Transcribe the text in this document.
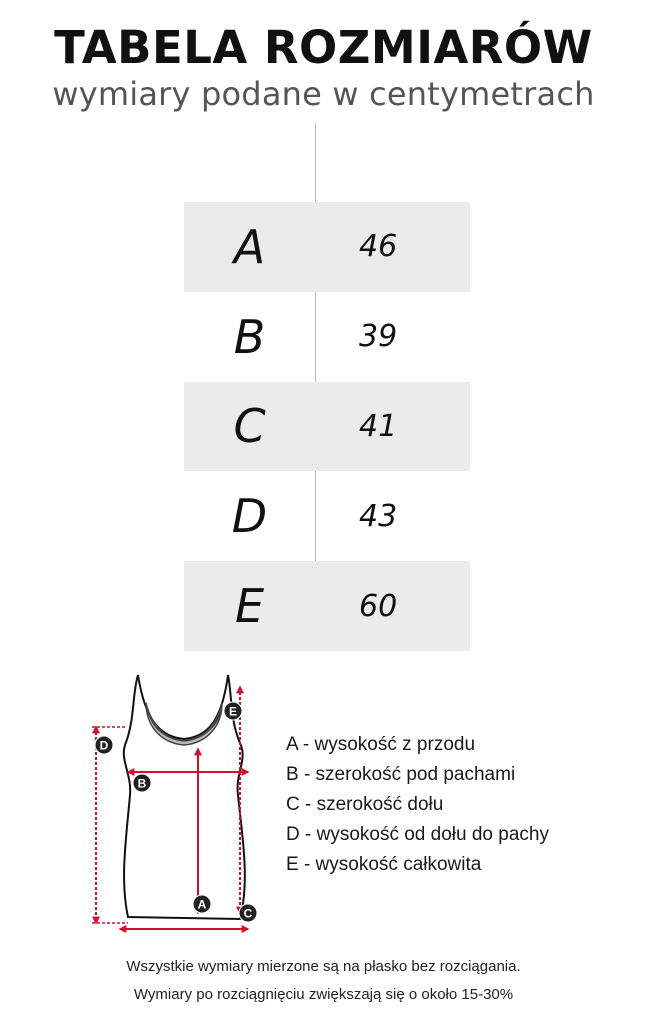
TABELA ROZMIARÓW
wymiary podane w centymetrach
A	46
B	39
C	41
D	43
E	60
D
B
E
A
C
A - wysokość z przodu
B - szerokość pod pachami
C - szerokość dołu
D - wysokość od dołu do pachy
E - wysokość całkowita
Wszystkie wymiary mierzone są na płasko bez rozciągania.
Wymiary po rozciągnięciu zwiększają się o około 15-30%
